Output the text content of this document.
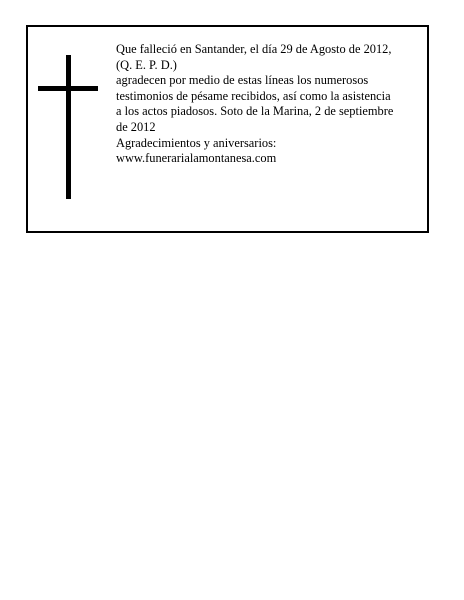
Que falleció en Santander, el día 29 de Agosto de 2012,
(Q. E. P. D.)
agradecen por medio de estas líneas los numerosos
testimonios de pésame recibidos, así como la asistencia
a los actos piadosos. Soto de la Marina, 2 de septiembre
de 2012
Agradecimientos y aniversarios:
www.funerarialamontanesa.com
